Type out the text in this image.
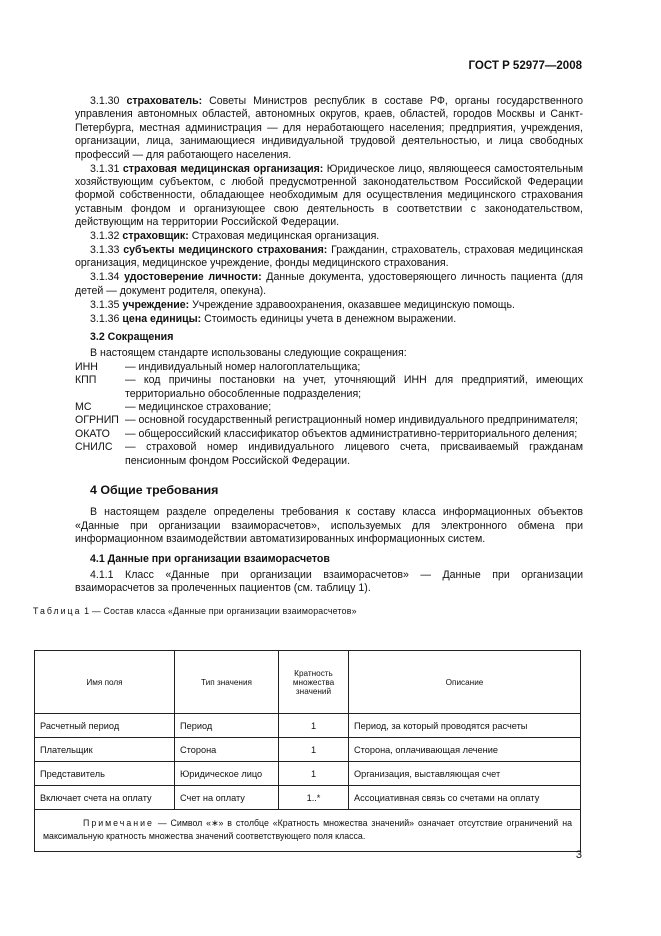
ГОСТ Р 52977—2008

3.1.30 страхователь: Советы Министров республик в составе РФ, органы государственного управления автономных областей, автономных округов, краев, областей, городов Москвы и Санкт-Петербурга, местная администрация — для неработающего населения; предприятия, учреждения, организации, лица, занимающиеся индивидуальной трудовой деятельностью, и лица свободных профессий — для работающего населения.

3.1.31 страховая медицинская организация: Юридическое лицо, являющееся самостоятельным хозяйствующим субъектом, с любой предусмотренной законодательством Российской Федерации формой собственности, обладающее необходимым для осуществления медицинского страхования уставным фондом и организующее свою деятельность в соответствии с законодательством, действующим на территории Российской Федерации.

3.1.32 страховщик: Страховая медицинская организация.

3.1.33 субъекты медицинского страхования: Гражданин, страхователь, страховая медицинская организация, медицинское учреждение, фонды медицинского страхования.

3.1.34 удостоверение личности: Данные документа, удостоверяющего личность пациента (для детей — документ родителя, опекуна).

3.1.35 учреждение: Учреждение здравоохранения, оказавшее медицинскую помощь.

3.1.36 цена единицы: Стоимость единицы учета в денежном выражении.

3.2 Сокращения

В настоящем стандарте использованы следующие сокращения:

ИНН	— индивидуальный номер налогоплательщика;
КПП	— код причины постановки на учет, уточняющий ИНН для предприятий, имеющих территориально обособленные подразделения;
МС	— медицинское страхование;
ОГРНИП — основной государственный регистрационный номер индивидуального предпринимателя;
ОКАТО	— общероссийский классификатор объектов административно-территориального деления;
СНИЛС	— страховой номер индивидуального лицевого счета, присваиваемый гражданам пенсионным фондом Российской Федерации.

4 Общие требования

В настоящем разделе определены требования к составу класса информационных объектов «Данные при организации взаиморасчетов», используемых для электронного обмена при информационном взаимодействии автоматизированных информационных систем.

4.1 Данные при организации взаиморасчетов

4.1.1 Класс «Данные при организации взаиморасчетов» — Данные при организации взаиморасчетов за пролеченных пациентов (см. таблицу 1).

Таблица 1 — Состав класса «Данные при организации взаиморасчетов»

Имя поля	Тип значения	Кратность множества значений	Описание
Расчетный период	Период	1	Период, за который проводятся расчеты
Плательщик	Сторона	1	Сторона, оплачивающая лечение
Представитель	Юридическое лицо	1	Организация, выставляющая счет
Включает счета на оплату	Счет на оплату	1..*	Ассоциативная связь со счетами на оплату

Примечание — Символ «∗» в столбце «Кратность множества значений» означает отсутствие ограничений на максимальную кратность множества значений соответствующего поля класса.			

3
